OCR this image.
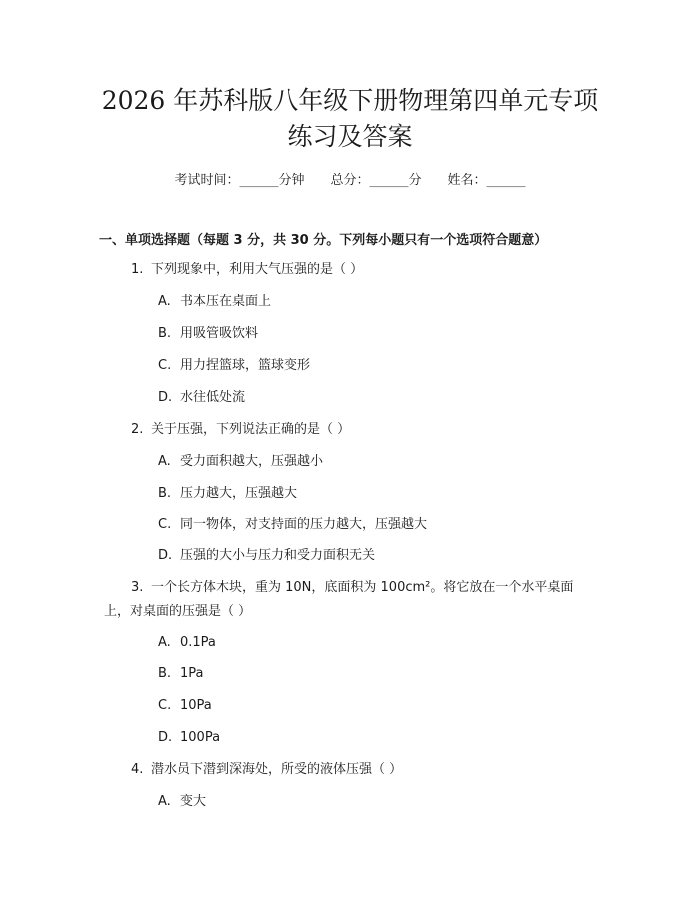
2026 年苏科版八年级下册物理第四单元专项
练习及答案
考试时间：______分钟 总分：______分 姓名：______
一、单项选择题（每题 3 分，共 30 分。下列每小题只有一个选项符合题意）
1. 下列现象中，利用大气压强的是（ ）
A. 书本压在桌面上
B. 用吸管吸饮料
C. 用力捏篮球，篮球变形
D. 水往低处流
2. 关于压强，下列说法正确的是（ ）
A. 受力面积越大，压强越小
B. 压力越大，压强越大
C. 同一物体，对支持面的压力越大，压强越大
D. 压强的大小与压力和受力面积无关
3. 一个长方体木块，重为 10N，底面积为 100cm²。将它放在一个水平桌面
上，对桌面的压强是（ ）
A. 0.1Pa
B. 1Pa
C. 10Pa
D. 100Pa
4. 潜水员下潜到深海处，所受的液体压强（ ）
A. 变大
